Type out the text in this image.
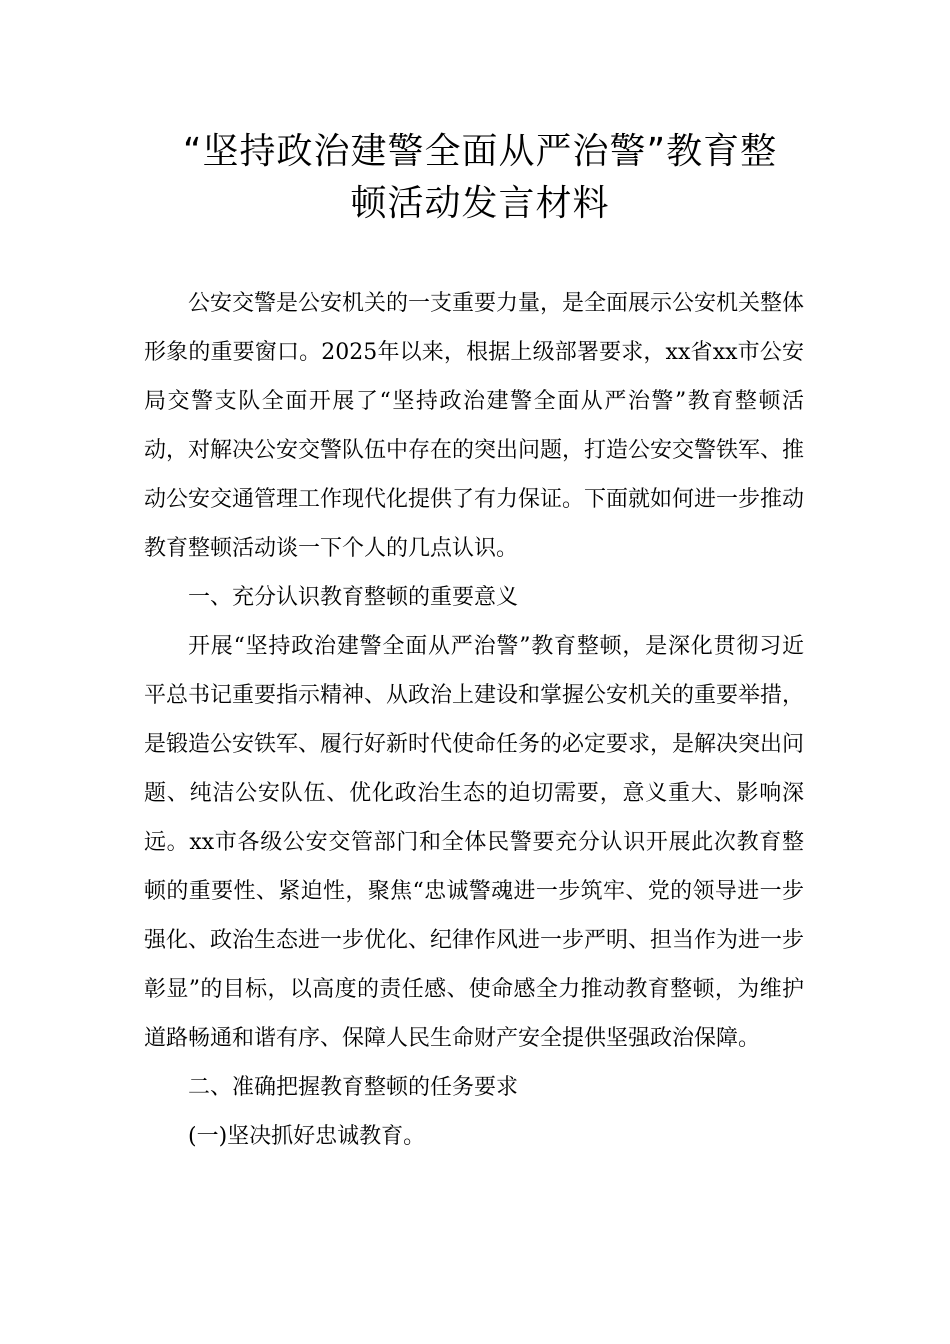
“坚持政治建警全面从严治警”教育整
顿活动发言材料

公安交警是公安机关的一支重要力量，是全面展示公安机关整体形象的重要窗口。2025年以来，根据上级部署要求，xx省xx市公安局交警支队全面开展了“坚持政治建警全面从严治警”教育整顿活动，对解决公安交警队伍中存在的突出问题，打造公安交警铁军、推动公安交通管理工作现代化提供了有力保证。下面就如何进一步推动教育整顿活动谈一下个人的几点认识。

一、充分认识教育整顿的重要意义

开展“坚持政治建警全面从严治警”教育整顿，是深化贯彻习近平总书记重要指示精神、从政治上建设和掌握公安机关的重要举措，是锻造公安铁军、履行好新时代使命任务的必定要求，是解决突出问题、纯洁公安队伍、优化政治生态的迫切需要，意义重大、影响深远。xx市各级公安交管部门和全体民警要充分认识开展此次教育整顿的重要性、紧迫性，聚焦“忠诚警魂进一步筑牢、党的领导进一步强化、政治生态进一步优化、纪律作风进一步严明、担当作为进一步彰显”的目标，以高度的责任感、使命感全力推动教育整顿，为维护道路畅通和谐有序、保障人民生命财产安全提供坚强政治保障。

二、准确把握教育整顿的任务要求

(一)坚决抓好忠诚教育。
